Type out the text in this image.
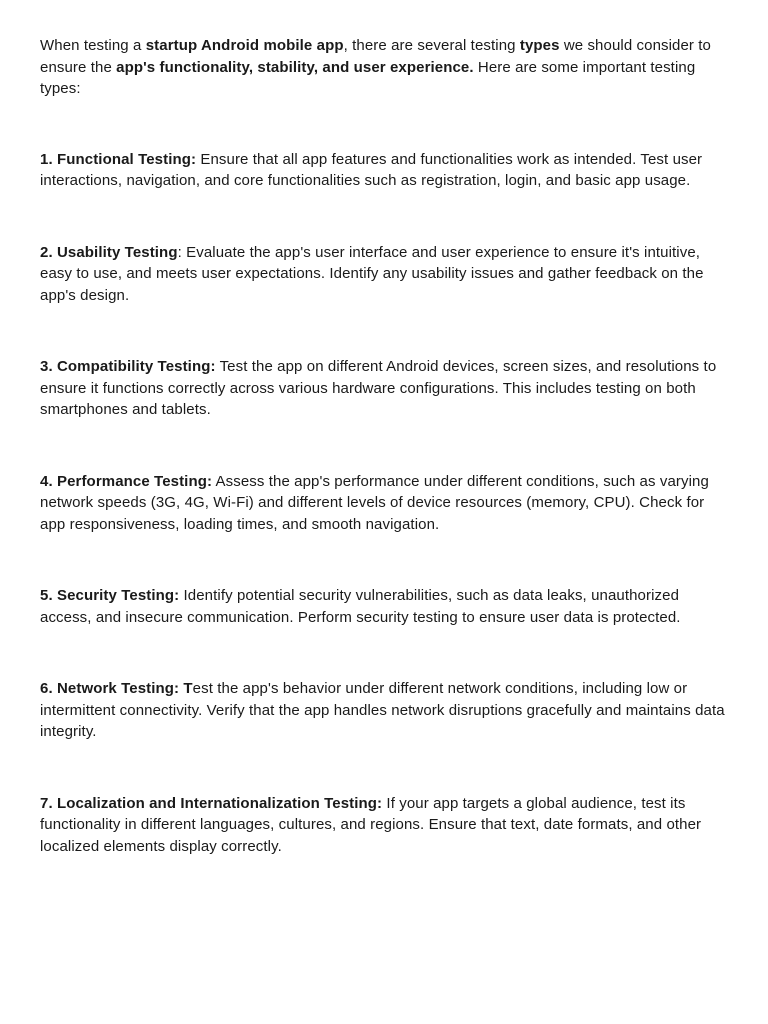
When testing a startup Android mobile app, there are several testing types we should consider to ensure the app's functionality, stability, and user experience. Here are some important testing types:

1. Functional Testing: Ensure that all app features and functionalities work as intended. Test user interactions, navigation, and core functionalities such as registration, login, and basic app usage.

2. Usability Testing: Evaluate the app's user interface and user experience to ensure it's intuitive, easy to use, and meets user expectations. Identify any usability issues and gather feedback on the app's design.

3. Compatibility Testing: Test the app on different Android devices, screen sizes, and resolutions to ensure it functions correctly across various hardware configurations. This includes testing on both smartphones and tablets.

4. Performance Testing: Assess the app's performance under different conditions, such as varying network speeds (3G, 4G, Wi-Fi) and different levels of device resources (memory, CPU). Check for app responsiveness, loading times, and smooth navigation.

5. Security Testing: Identify potential security vulnerabilities, such as data leaks, unauthorized access, and insecure communication. Perform security testing to ensure user data is protected.

6. Network Testing: Test the app's behavior under different network conditions, including low or intermittent connectivity. Verify that the app handles network disruptions gracefully and maintains data integrity.

7. Localization and Internationalization Testing: If your app targets a global audience, test its functionality in different languages, cultures, and regions. Ensure that text, date formats, and other localized elements display correctly.
